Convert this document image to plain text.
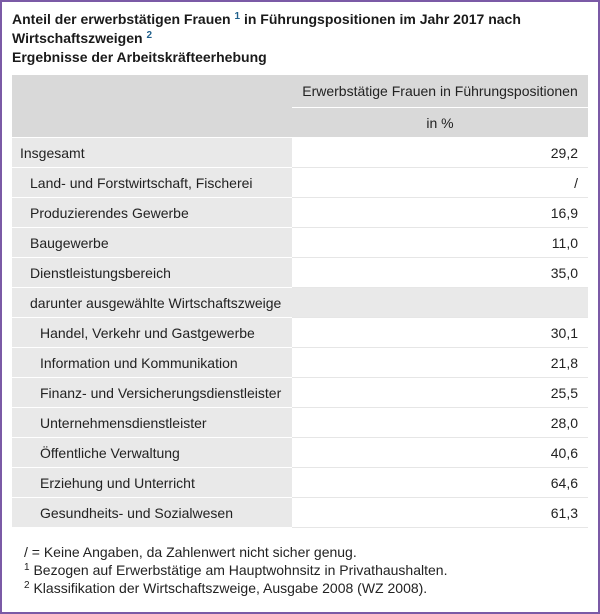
Anteil der erwerbstätigen Frauen $^1$ in Führungspositionen im Jahr 2017 nach
Wirtschaftszweigen $^2$
Ergebnisse der Arbeitskräfteerhebung
	Erwerbstätige Frauen in Führungspositionen
	in %
Insgesamt	29,2
Land- und Forstwirtschaft, Fischerei	/
Produzierendes Gewerbe	16,9
Baugewerbe	11,0
Dienstleistungsbereich	35,0
darunter ausgewählte Wirtschaftszweige	
Handel, Verkehr und Gastgewerbe	30,1
Information und Kommunikation	21,8
Finanz- und Versicherungsdienstleister	25,5
Unternehmensdienstleister	28,0
Öffentliche Verwaltung	40,6
Erziehung und Unterricht	64,6
Gesundheits- und Sozialwesen	61,3
/ = Keine Angaben, da Zahlenwert nicht sicher genug.
$^1$ Bezogen auf Erwerbstätige am Hauptwohnsitz in Privathaushalten.
$^2$ Klassifikation der Wirtschaftszweige, Ausgabe 2008 (WZ 2008).
